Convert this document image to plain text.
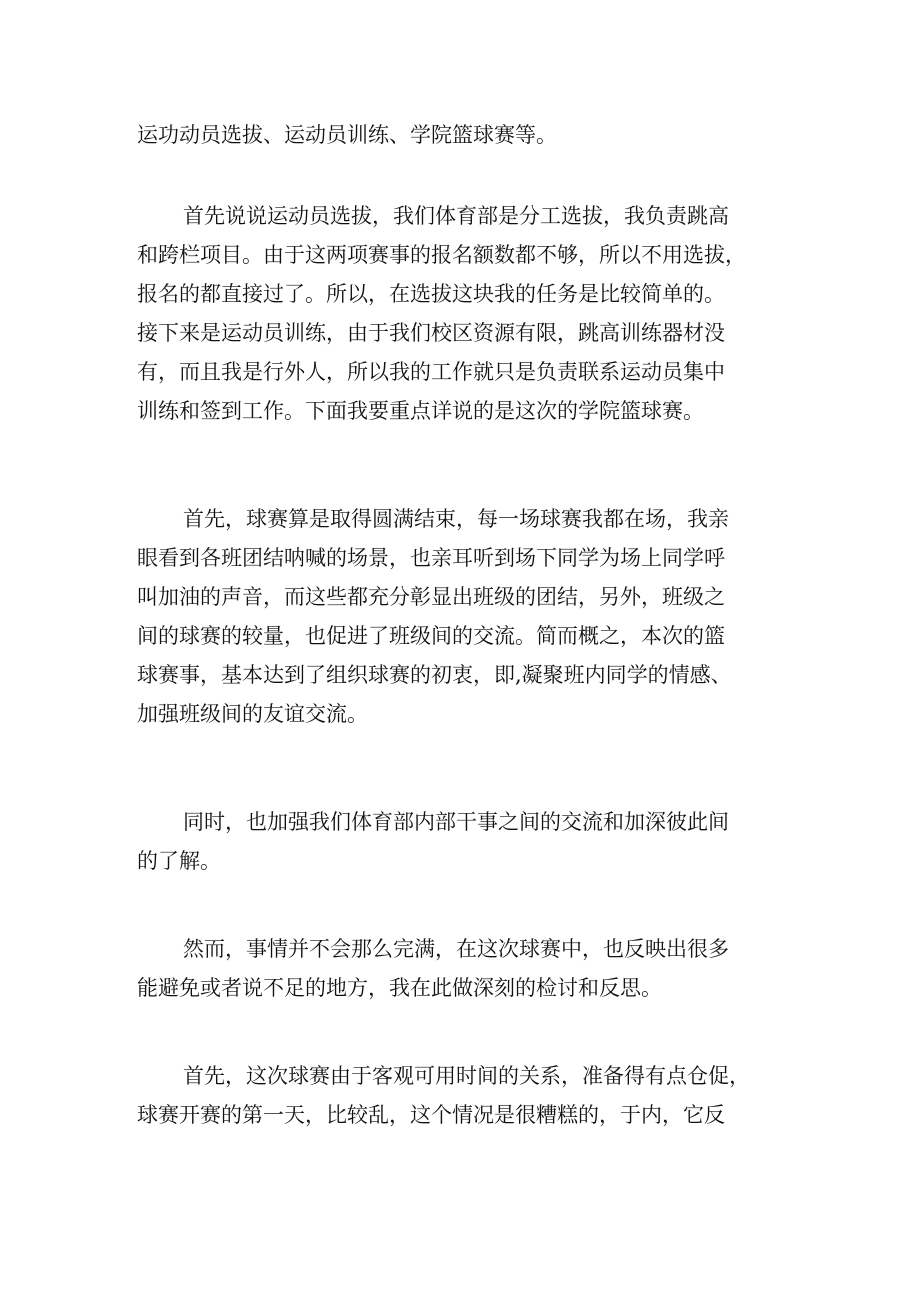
运功动员选拔、运动员训练、学院篮球赛等。
首先说说运动员选拔，我们体育部是分工选拔，我负责跳高
和跨栏项目。由于这两项赛事的报名额数都不够，所以不用选拔，
报名的都直接过了。所以，在选拔这块我的任务是比较简单的。
接下来是运动员训练，由于我们校区资源有限，跳高训练器材没
有，而且我是行外人，所以我的工作就只是负责联系运动员集中
训练和签到工作。下面我要重点详说的是这次的学院篮球赛。
首先，球赛算是取得圆满结束，每一场球赛我都在场，我亲
眼看到各班团结呐喊的场景，也亲耳听到场下同学为场上同学呼
叫加油的声音，而这些都充分彰显出班级的团结，另外，班级之
间的球赛的较量，也促进了班级间的交流。简而概之，本次的篮
球赛事，基本达到了组织球赛的初衷，即,凝聚班内同学的情感、
加强班级间的友谊交流。
同时，也加强我们体育部内部干事之间的交流和加深彼此间
的了解。
然而，事情并不会那么完满，在这次球赛中，也反映出很多
能避免或者说不足的地方，我在此做深刻的检讨和反思。
首先，这次球赛由于客观可用时间的关系，准备得有点仓促，
球赛开赛的第一天，比较乱，这个情况是很糟糕的，于内，它反
